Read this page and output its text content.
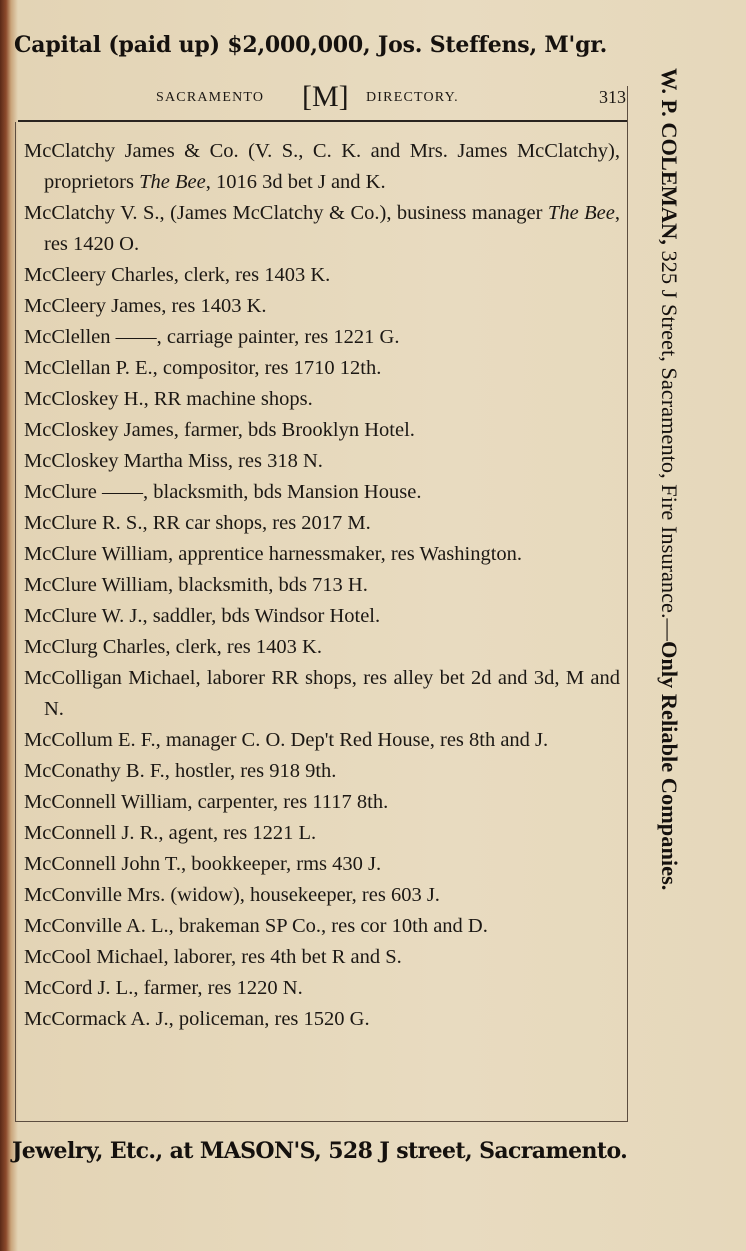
Capital (paid up) $2,000,000, Jos. Steffens, M'gr.
SACRAMENTO [M] DIRECTORY.	313
McClatchy James & Co. (V. S., C. K. and Mrs. James McClatchy), proprietors The Bee, 1016 3d bet J and K.
McClatchy V. S., (James McClatchy & Co.), business manager The Bee, res 1420 O.
McCleery Charles, clerk, res 1403 K.
McCleery James, res 1403 K.
McClellen ——, carriage painter, res 1221 G.
McClellan P. E., compositor, res 1710 12th.
McCloskey H., RR machine shops.
McCloskey James, farmer, bds Brooklyn Hotel.
McCloskey Martha Miss, res 318 N.
McClure ——, blacksmith, bds Mansion House.
McClure R. S., RR car shops, res 2017 M.
McClure William, apprentice harnessmaker, res Washington.
McClure William, blacksmith, bds 713 H.
McClure W. J., saddler, bds Windsor Hotel.
McClurg Charles, clerk, res 1403 K.
McColligan Michael, laborer RR shops, res alley bet 2d and 3d, M and N.
McCollum E. F., manager C. O. Dep't Red House, res 8th and J.
McConathy B. F., hostler, res 918 9th.
McConnell William, carpenter, res 1117 8th.
McConnell J. R., agent, res 1221 L.
McConnell John T., bookkeeper, rms 430 J.
McConville Mrs. (widow), housekeeper, res 603 J.
McConville A. L., brakeman SP Co., res cor 10th and D.
McCool Michael, laborer, res 4th bet R and S.
McCord J. L., farmer, res 1220 N.
McCormack A. J., policeman, res 1520 G.
W. P. COLEMAN, 325 J Street, Sacramento, Fire Insurance.—Only Reliable Companies.
Jewelry, Etc., at MASON'S, 528 J street, Sacramento.
